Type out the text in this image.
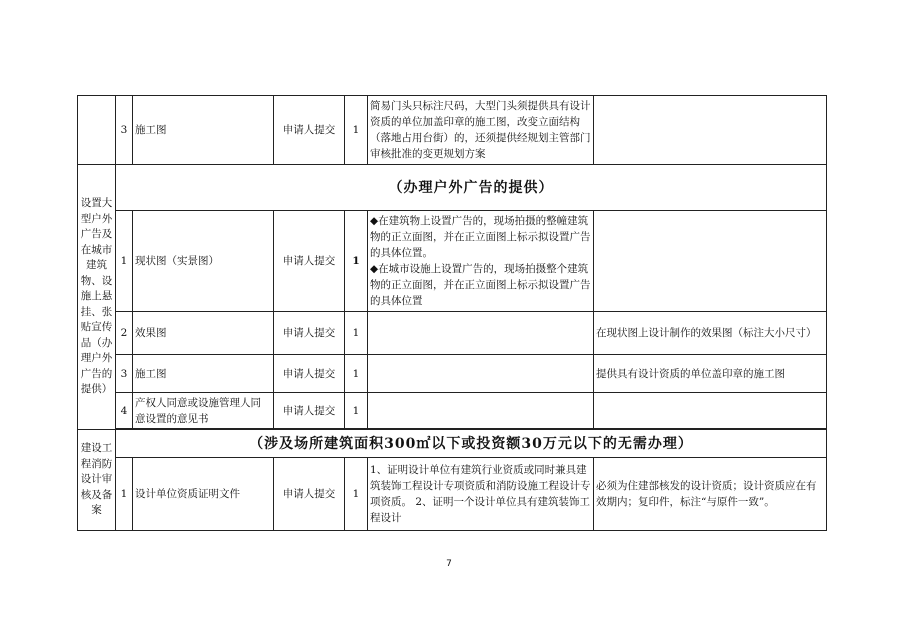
	3	施工图	申请人提交	1	简易门头只标注尺码，大型门头须提供具有设计资质的单位加盖印章的施工图，改变立面结构（落地占用台街）的，还须提供经规划主管部门审核批准的变更规划方案	
设置大型户外广告及在城市建筑物、设施上悬挂、张贴宣传品（办理户外广告的提供）	（办理户外广告的提供）					
	1	现状图（实景图）	申请人提交	1	◆在建筑物上设置广告的，现场拍摄的整幢建筑物的正立面图，并在正立面图上标示拟设置广告的具体位置。
◆在城市设施上设置广告的，现场拍摄整个建筑物的正立面图，并在正立面图上标示拟设置广告的具体位置	

	2	效果图	申请人提交	1		在现状图上设计制作的效果图（标注大小尺寸）
	3	施工图	申请人提交	1		提供具有设计资质的单位盖印章的施工图
	4	产权人同意或设施管理人同意设置的意见书	申请人提交	1		

建设工程消防设计审核及备案	（涉及场所建筑面积300㎡以下或投资额30万元以下的无需办理）					
	1	设计单位资质证明文件	申请人提交	1	1、证明设计单位有建筑行业资质或同时兼具建筑装饰工程设计专项资质和消防设施工程设计专项资质。 2、证明一个设计单位具有建筑装饰工程设计	必须为住建部核发的设计资质；设计资质应在有效期内；复印件，标注“与原件一致”。
7
